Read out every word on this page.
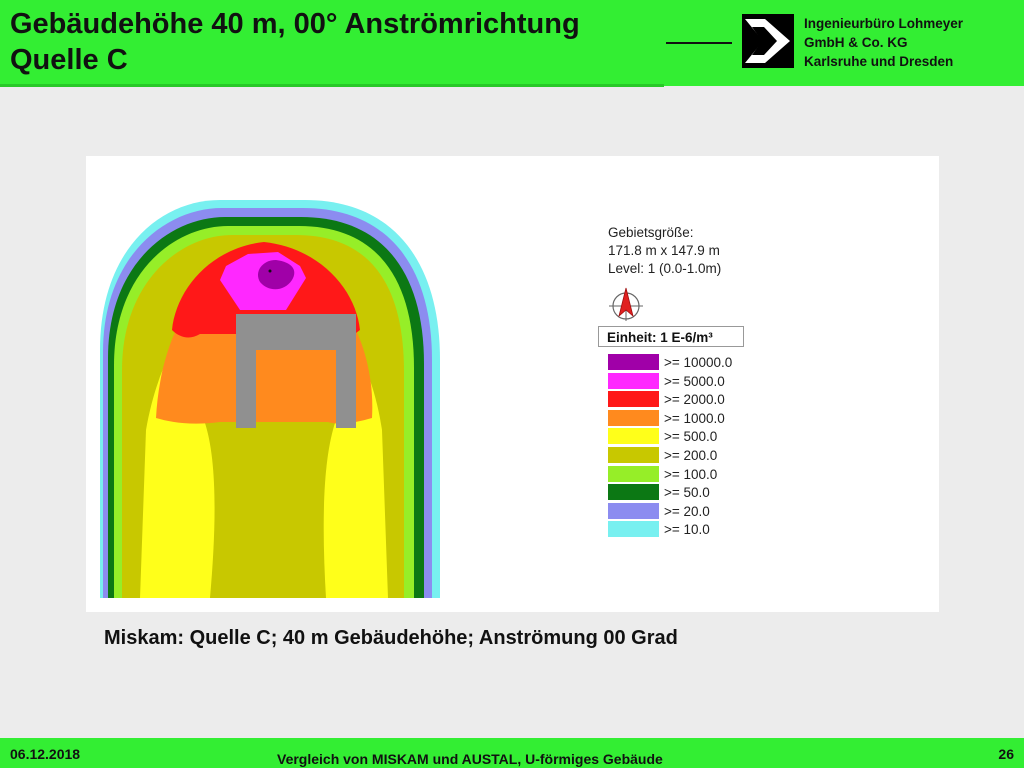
Gebäudehöhe 40 m, 00° Anströmrichtung
Quelle C
Ingenieurbüro Lohmeyer
GmbH & Co. KG
Karlsruhe und Dresden
Gebietsgröße:
171.8 m x 147.9 m
Level: 1 (0.0-1.0m)
Einheit: 1 E-6/m³
>= 10000.0
>= 5000.0
>= 2000.0
>= 1000.0
>= 500.0
>= 200.0
>= 100.0
>= 50.0
>= 20.0
>= 10.0
Miskam: Quelle C; 40 m Gebäudehöhe; Anströmung 00 Grad
06.12.2018	Vergleich von MISKAM und AUSTAL, U-förmiges Gebäude	26
